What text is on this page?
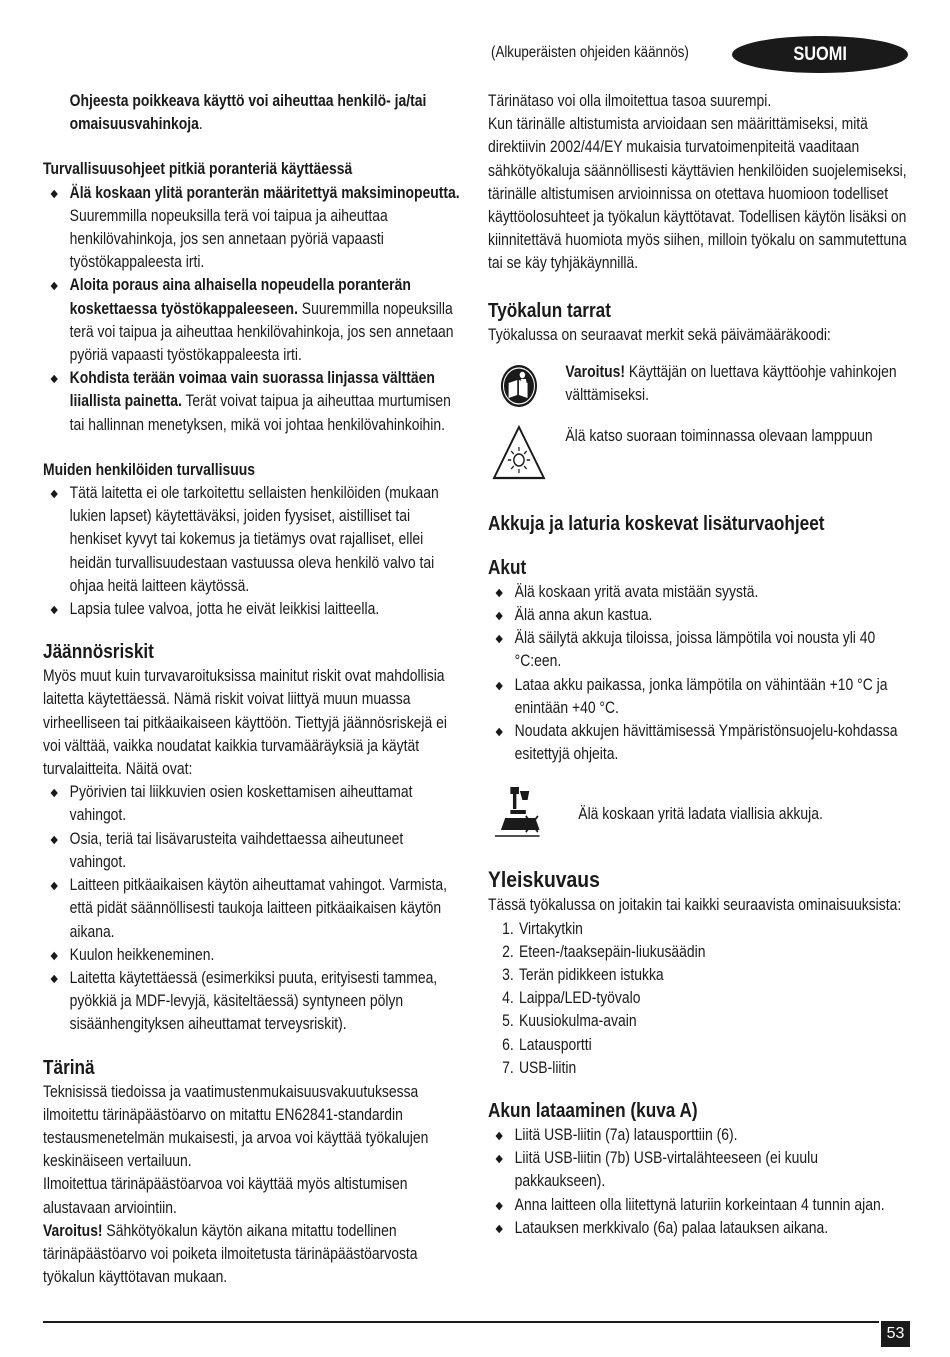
(Alkuperäisten ohjeiden käännös)	SUOMI

Ohjeesta poikkeava käyttö voi aiheuttaa henkilö- ja/tai omaisuusvahinkoja.

Turvallisuusohjeet pitkiä poranteriä käyttäessä

Älä koskaan ylitä poranterän määritettyä maksiminopeutta. Suuremmilla nopeuksilla terä voi taipua ja aiheuttaa henkilövahinkoja, jos sen annetaan pyöriä vapaasti työstökappaleesta irti.
Aloita poraus aina alhaisella nopeudella poranterän koskettaessa työstökappaleeseen. Suuremmilla nopeuksilla terä voi taipua ja aiheuttaa henkilövahinkoja, jos sen annetaan pyöriä vapaasti työstökappaleesta irti.
Kohdista terään voimaa vain suorassa linjassa välttäen liiallista painetta. Terät voivat taipua ja aiheuttaa murtumisen tai hallinnan menetyksen, mikä voi johtaa henkilövahinkoihin.

Muiden henkilöiden turvallisuus

Tätä laitetta ei ole tarkoitettu sellaisten henkilöiden (mukaan lukien lapset) käytettäväksi, joiden fyysiset, aistilliset tai henkiset kyvyt tai kokemus ja tietämys ovat rajalliset, ellei heidän turvallisuudestaan vastuussa oleva henkilö valvo tai ohjaa heitä laitteen käytössä.
Lapsia tulee valvoa, jotta he eivät leikkisi laitteella.

Jäännösriskit

Myös muut kuin turvavaroituksissa mainitut riskit ovat mahdollisia laitetta käytettäessä. Nämä riskit voivat liittyä muun muassa virheelliseen tai pitkäaikaiseen käyttöön. Tiettyjä jäännösriskejä ei voi välttää, vaikka noudatat kaikkia turvamääräyksiä ja käytät turvalaitteita. Näitä ovat:

Pyörivien tai liikkuvien osien koskettamisen aiheuttamat vahingot.
Osia, teriä tai lisävarusteita vaihdettaessa aiheutuneet vahingot.
Laitteen pitkäaikaisen käytön aiheuttamat vahingot. Varmista, että pidät säännöllisesti taukoja laitteen pitkäaikaisen käytön aikana.
Kuulon heikkeneminen.
Laitetta käytettäessä (esimerkiksi puuta, erityisesti tammea, pyökkiä ja MDF-levyjä, käsiteltäessä) syntyneen pölyn sisäänhengityksen aiheuttamat terveysriskit).

Tärinä

Teknisissä tiedoissa ja vaatimustenmukaisuusvakuutuksessa ilmoitettu tärinäpäästöarvo on mitattu EN62841-standardin testausmenetelmän mukaisesti, ja arvoa voi käyttää työkalujen keskinäiseen vertailuun.

Ilmoitettua tärinäpäästöarvoa voi käyttää myös altistumisen alustavaan arviointiin.

Varoitus! Sähkötyökalun käytön aikana mitattu todellinen tärinäpäästöarvo voi poiketa ilmoitetusta tärinäpäästöarvosta työkalun käyttötavan mukaan.

Tärinätaso voi olla ilmoitettua tasoa suurempi.

Kun tärinälle altistumista arvioidaan sen määrittämiseksi, mitä direktiivin 2002/44/EY mukaisia turvatoimenpiteitä vaaditaan sähkötyökaluja säännöllisesti käyttävien henkilöiden suojelemiseksi, tärinälle altistumisen arvioinnissa on otettava huomioon todelliset käyttöolosuhteet ja työkalun käyttötavat. Todellisen käytön lisäksi on kiinnitettävä huomiota myös siihen, milloin työkalu on sammutettuna tai se käy tyhjäkäynnillä.

Työkalun tarrat

Työkalussa on seuraavat merkit sekä päivämääräkoodi:

Varoitus! Käyttäjän on luettava käyttöohje vahinkojen välttämiseksi.

Älä katso suoraan toiminnassa olevaan lamppuun

Akkuja ja laturia koskevat lisäturvaohjeet

Akut

Älä koskaan yritä avata mistään syystä.
Älä anna akun kastua.
Älä säilytä akkuja tiloissa, joissa lämpötila voi nousta yli 40 °C:een.
Lataa akku paikassa, jonka lämpötila on vähintään +10 °C ja enintään +40 °C.
Noudata akkujen hävittämisessä Ympäristönsuojelu-kohdassa esitettyjä ohjeita.

Älä koskaan yritä ladata viallisia akkuja.

Yleiskuvaus

Tässä työkalussa on joitakin tai kaikki seuraavista ominaisuuksista:

1. Virtakytkin
2. Eteen-/taaksepäin-liukusäädin
3. Terän pidikkeen istukka
4. Laippa/LED-työvalo
5. Kuusiokulma-avain
6. Latausportti
7. USB-liitin

Akun lataaminen (kuva A)

Liitä USB-liitin (7a) latausporttiin (6).
Liitä USB-liitin (7b) USB-virtalähteeseen (ei kuulu pakkaukseen).
Anna laitteen olla liitettynä laturiin korkeintaan 4 tunnin ajan.
Latauksen merkkivalo (6a) palaa latauksen aikana.
53
